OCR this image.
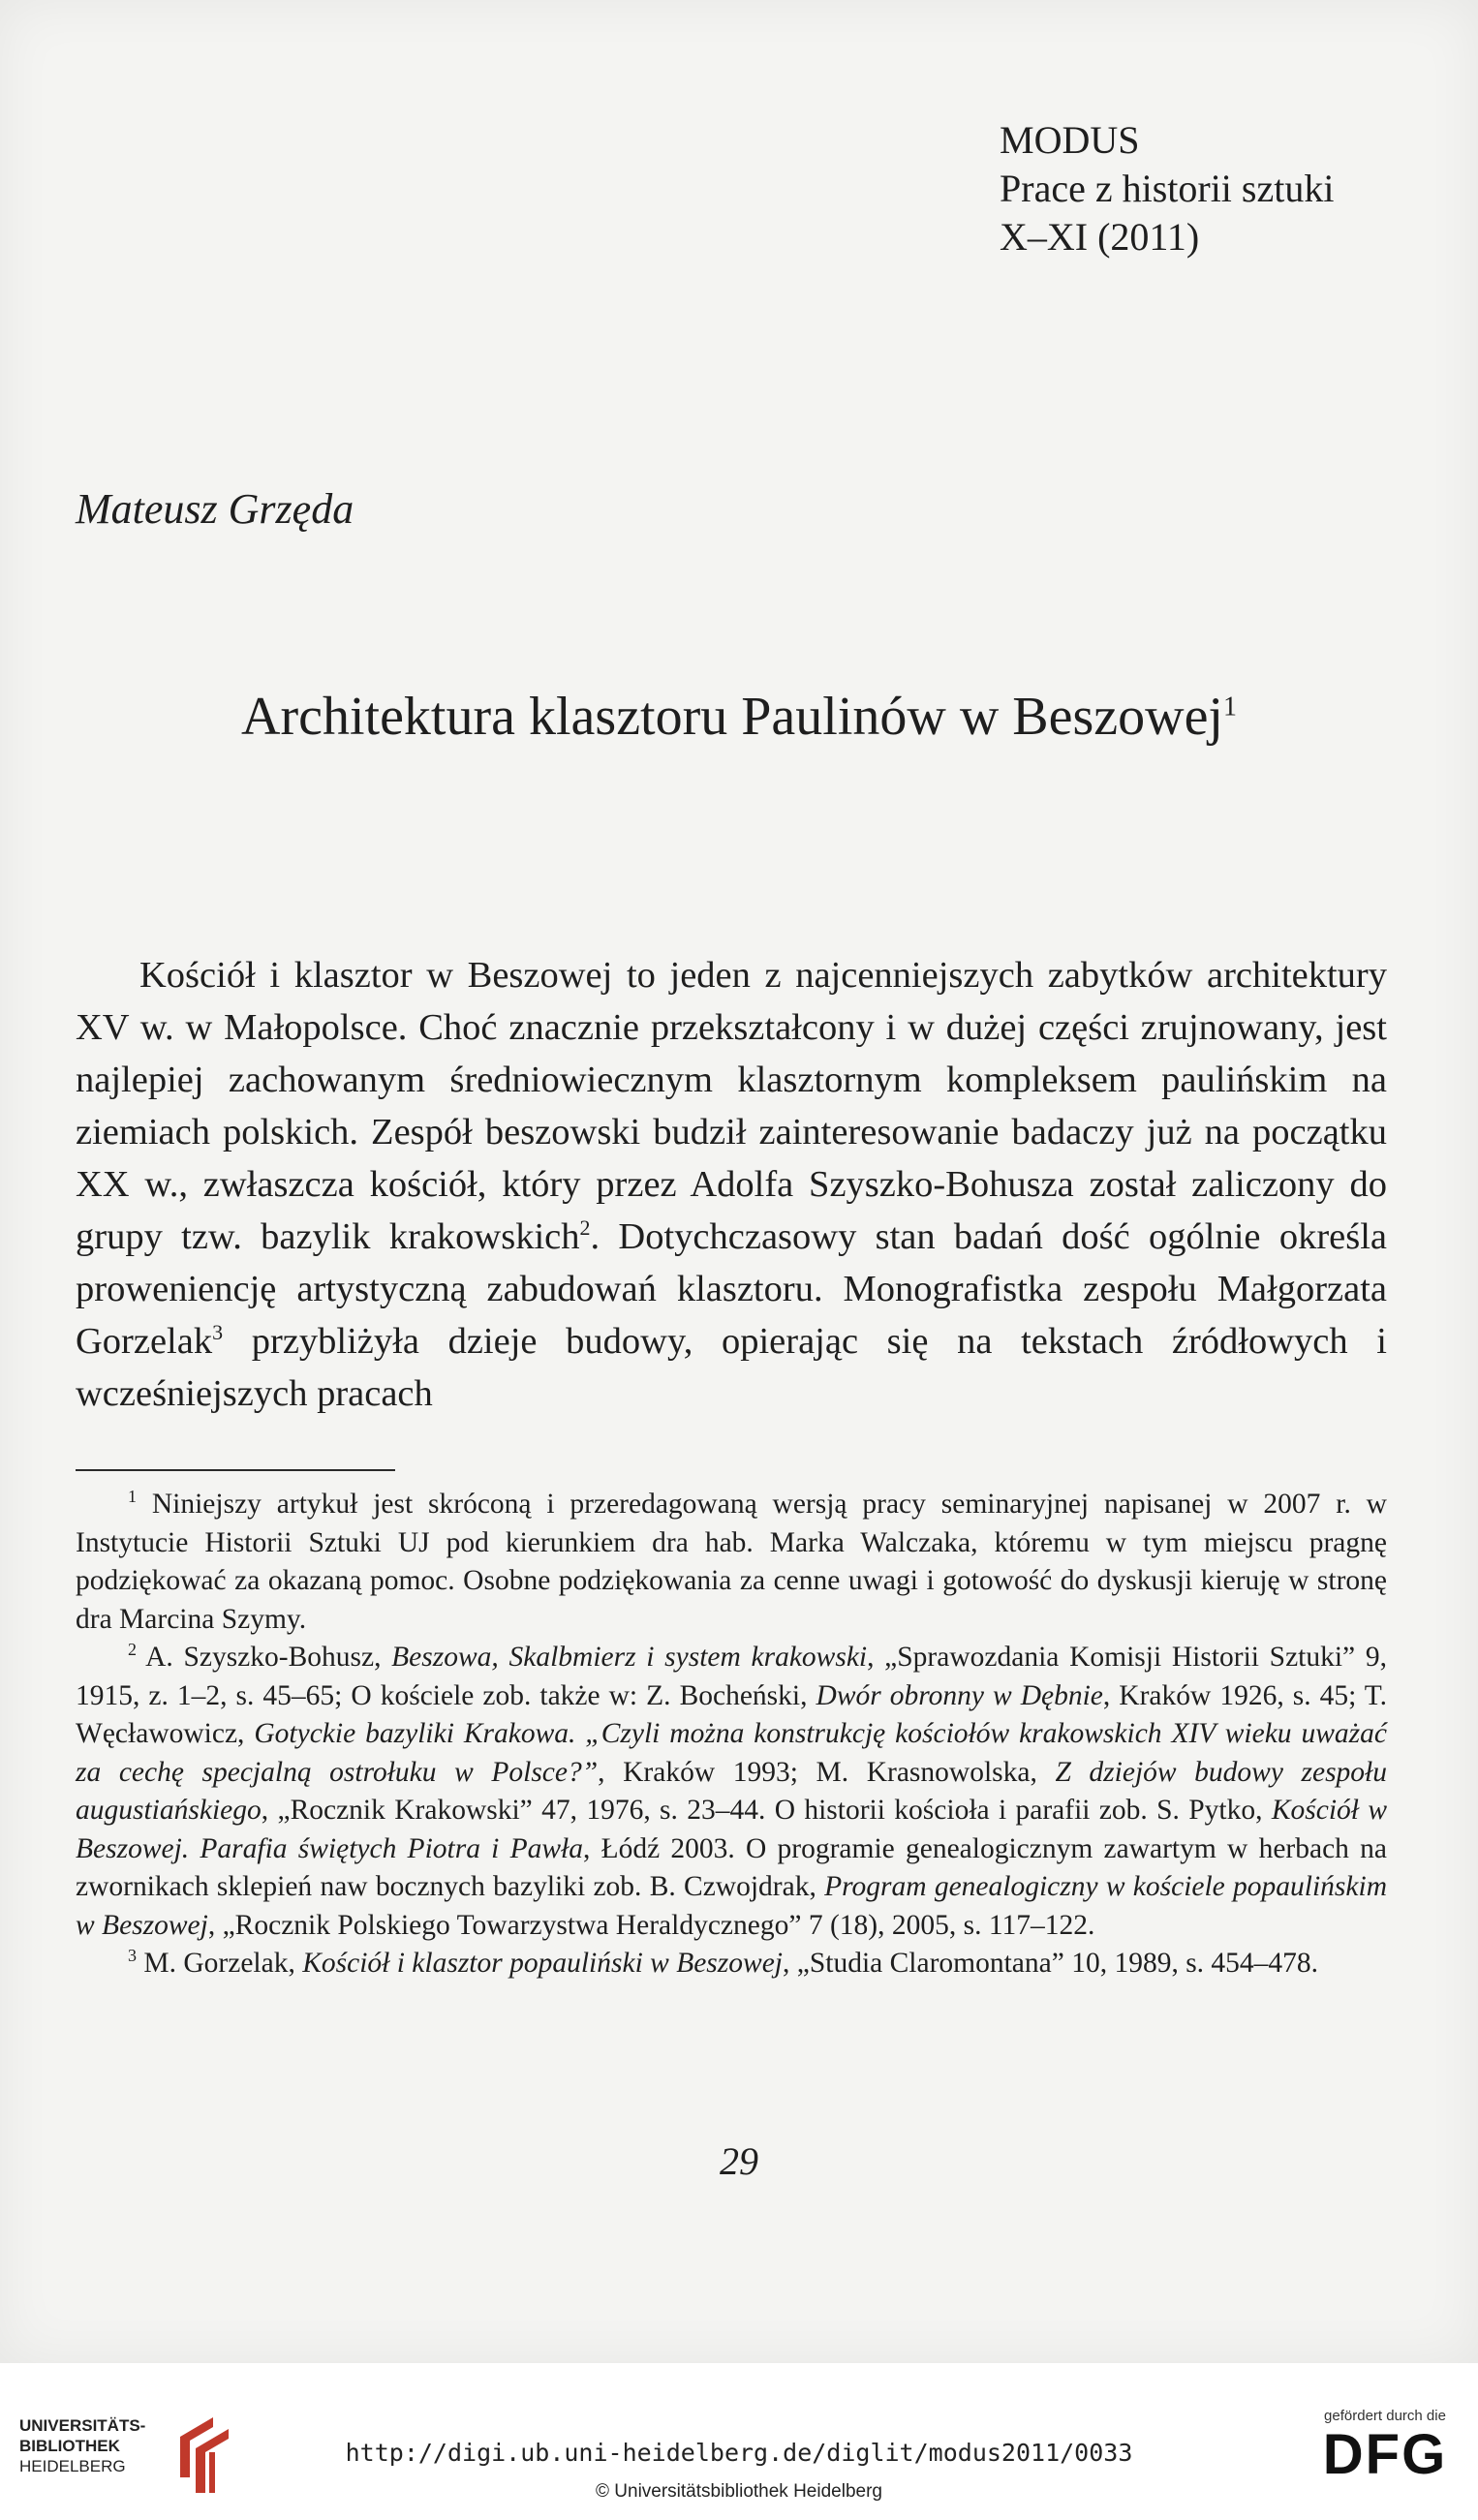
MODUS
Prace z historii sztuki
X–XI (2011)
Mateusz Grzęda
Architektura klasztoru Paulinów w Beszowej$^1$

Kościół i klasztor w Beszowej to jeden z najcenniejszych zabytków architektury XV w. w Małopolsce. Choć znacznie przekształcony i w dużej części zrujnowany, jest najlepiej zachowanym średniowiecznym klasztornym kompleksem paulińskim na ziemiach polskich. Zespół beszowski budził zainteresowanie badaczy już na początku XX w., zwłaszcza kościół, który przez Adolfa Szyszko-Bohusza został zaliczony do grupy tzw. bazylik krakowskich$^2$. Dotychczasowy stan badań dość ogólnie określa proweniencję artystyczną zabudowań klasztoru. Monografistka zespołu Małgorzata Gorzelak$^3$ przybliżyła dzieje budowy, opierając się na tekstach źródłowych i wcześniejszych pracach

$^1$ Niniejszy artykuł jest skróconą i przeredagowaną wersją pracy seminaryjnej napisanej w 2007 r. w Instytucie Historii Sztuki UJ pod kierunkiem dra hab. Marka Walczaka, któremu w tym miejscu pragnę podziękować za okazaną pomoc. Osobne podziękowania za cenne uwagi i gotowość do dyskusji kieruję w stronę dra Marcina Szymy.

$^2$ A. Szyszko-Bohusz, Beszowa, Skalbmierz i system krakowski, „Sprawozdania Komisji Historii Sztuki” 9, 1915, z. 1–2, s. 45–65; O kościele zob. także w: Z. Bocheński, Dwór obronny w Dębnie, Kraków 1926, s. 45; T. Węcławowicz, Gotyckie bazyliki Krakowa. „Czyli można konstrukcję kościołów krakowskich XIV wieku uważać za cechę specjalną ostrołuku w Polsce?”, Kraków 1993; M. Krasnowolska, Z dziejów budowy zespołu augustiańskiego, „Rocznik Krakowski” 47, 1976, s. 23–44. O historii kościoła i parafii zob. S. Pytko, Kościół w Beszowej. Parafia świętych Piotra i Pawła, Łódź 2003. O programie genealogicznym zawartym w herbach na zwornikach sklepień naw bocznych bazyliki zob. B. Czwojdrak, Program genealogiczny w kościele popaulińskim w Beszowej, „Rocznik Polskiego Towarzystwa Heraldycznego” 7 (18), 2005, s. 117–122.

$^3$ M. Gorzelak, Kościół i klasztor popauliński w Beszowej, „Studia Claromontana” 10, 1989, s. 454–478.

29
UNIVERSITÄTS-
BIBLIOTHEK
HEIDELBERG	http://digi.ub.uni-heidelberg.de/diglit/modus2011/0033
© Universitätsbibliothek Heidelberg
gefördert durch die
DFG
